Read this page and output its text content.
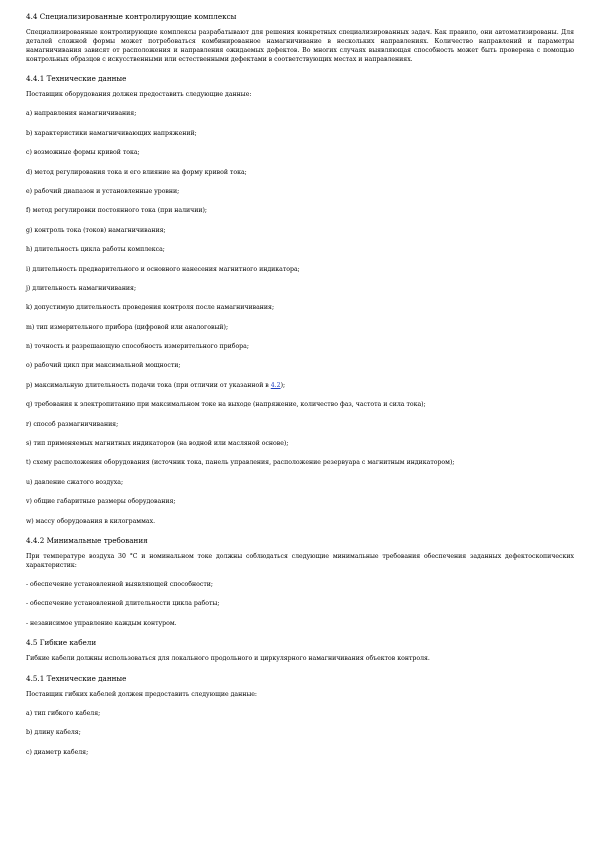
4.4 Специализированные контролирующие комплексы

Специализированные контролирующие комплексы разрабатывают для решения конкретных специализированных задач. Как правило, они автоматизированы. Для деталей сложной формы может потребоваться комбинированное намагничивание в нескольких направлениях. Количество направлений и параметры намагничивания зависят от расположения и направления ожидаемых дефектов. Во многих случаях выявляющая способность может быть проверена с помощью контрольных образцов с искусственными или естественными дефектами в соответствующих местах и направлениях.

4.4.1 Технические данные

Поставщик оборудования должен предоставить следующие данные:

a) направления намагничивания;

b) характеристики намагничивающих напряжений;

c) возможные формы кривой тока;

d) метод регулирования тока и его влияние на форму кривой тока;

e) рабочий диапазон и установленные уровни;

f) метод регулировки постоянного тока (при наличии);

g) контроль тока (токов) намагничивания;

h) длительность цикла работы комплекса;

i) длительность предварительного и основного нанесения магнитного индикатора;

j) длительность намагничивания;

k) допустимую длительность проведения контроля после намагничивания;

m) тип измерительного прибора (цифровой или аналоговый);

n) точность и разрешающую способность измерительного прибора;

o) рабочий цикл при максимальной мощности;

p) максимальную длительность подачи тока (при отличии от указанной в 4.2);

q) требования к электропитанию при максимальном токе на выходе (напряжение, количество фаз, частота и сила тока);

r) способ размагничивания;

s) тип применяемых магнитных индикаторов (на водной или масляной основе);

t) схему расположения оборудования (источник тока, панель управления, расположение резервуара с магнитным индикатором);

u) давление сжатого воздуха;

v) общие габаритные размеры оборудования;

w) массу оборудования в килограммах.

4.4.2 Минимальные требования

При температуре воздуха 30 °С и номинальном токе должны соблюдаться следующие минимальные требования обеспечения заданных дефектоскопических характеристик:

- обеспечение установленной выявляющей способности;

- обеспечение установленной длительности цикла работы;

- независимое управление каждым контуром.

4.5 Гибкие кабели

Гибкие кабели должны использоваться для локального продольного и циркулярного намагничивания объектов контроля.

4.5.1 Технические данные

Поставщик гибких кабелей должен предоставить следующие данные:

a) тип гибкого кабеля;

b) длину кабеля;

c) диаметр кабеля;
